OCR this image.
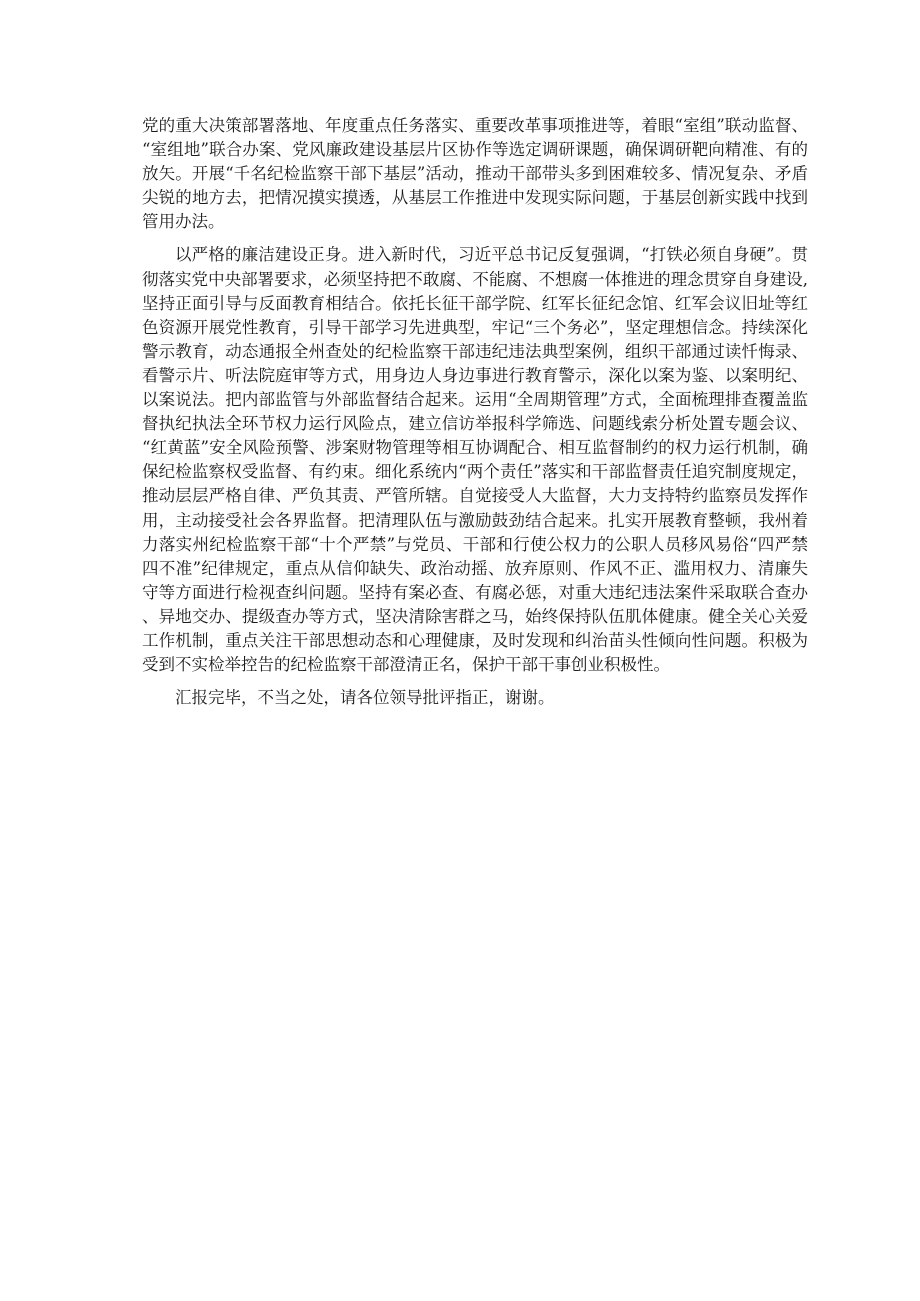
党的重大决策部署落地、年度重点任务落实、重要改革事项推进等，着眼“室组”联动监督、“室组地”联合办案、党风廉政建设基层片区协作等选定调研课题，确保调研靶向精准、有的放矢。开展“千名纪检监察干部下基层”活动，推动干部带头多到困难较多、情况复杂、矛盾尖锐的地方去，把情况摸实摸透，从基层工作推进中发现实际问题，于基层创新实践中找到管用办法。

以严格的廉洁建设正身。进入新时代，习近平总书记反复强调，“打铁必须自身硬”。贯彻落实党中央部署要求，必须坚持把不敢腐、不能腐、不想腐一体推进的理念贯穿自身建设,坚持正面引导与反面教育相结合。依托长征干部学院、红军长征纪念馆、红军会议旧址等红色资源开展党性教育，引导干部学习先进典型，牢记“三个务必”，坚定理想信念。持续深化警示教育，动态通报全州查处的纪检监察干部违纪违法典型案例，组织干部通过读忏悔录、看警示片、听法院庭审等方式，用身边人身边事进行教育警示，深化以案为鉴、以案明纪、以案说法。把内部监管与外部监督结合起来。运用“全周期管理”方式，全面梳理排查覆盖监督执纪执法全环节权力运行风险点，建立信访举报科学筛选、问题线索分析处置专题会议、“红黄蓝”安全风险预警、涉案财物管理等相互协调配合、相互监督制约的权力运行机制，确保纪检监察权受监督、有约束。细化系统内“两个责任”落实和干部监督责任追究制度规定，推动层层严格自律、严负其责、严管所辖。自觉接受人大监督，大力支持特约监察员发挥作用，主动接受社会各界监督。把清理队伍与激励鼓劲结合起来。扎实开展教育整顿，我州着力落实州纪检监察干部“十个严禁”与党员、干部和行使公权力的公职人员移风易俗“四严禁四不准”纪律规定，重点从信仰缺失、政治动摇、放弃原则、作风不正、滥用权力、清廉失守等方面进行检视查纠问题。坚持有案必查、有腐必惩，对重大违纪违法案件采取联合查办、异地交办、提级查办等方式，坚决清除害群之马，始终保持队伍肌体健康。健全关心关爱工作机制，重点关注干部思想动态和心理健康，及时发现和纠治苗头性倾向性问题。积极为受到不实检举控告的纪检监察干部澄清正名，保护干部干事创业积极性。

汇报完毕，不当之处，请各位领导批评指正，谢谢。
